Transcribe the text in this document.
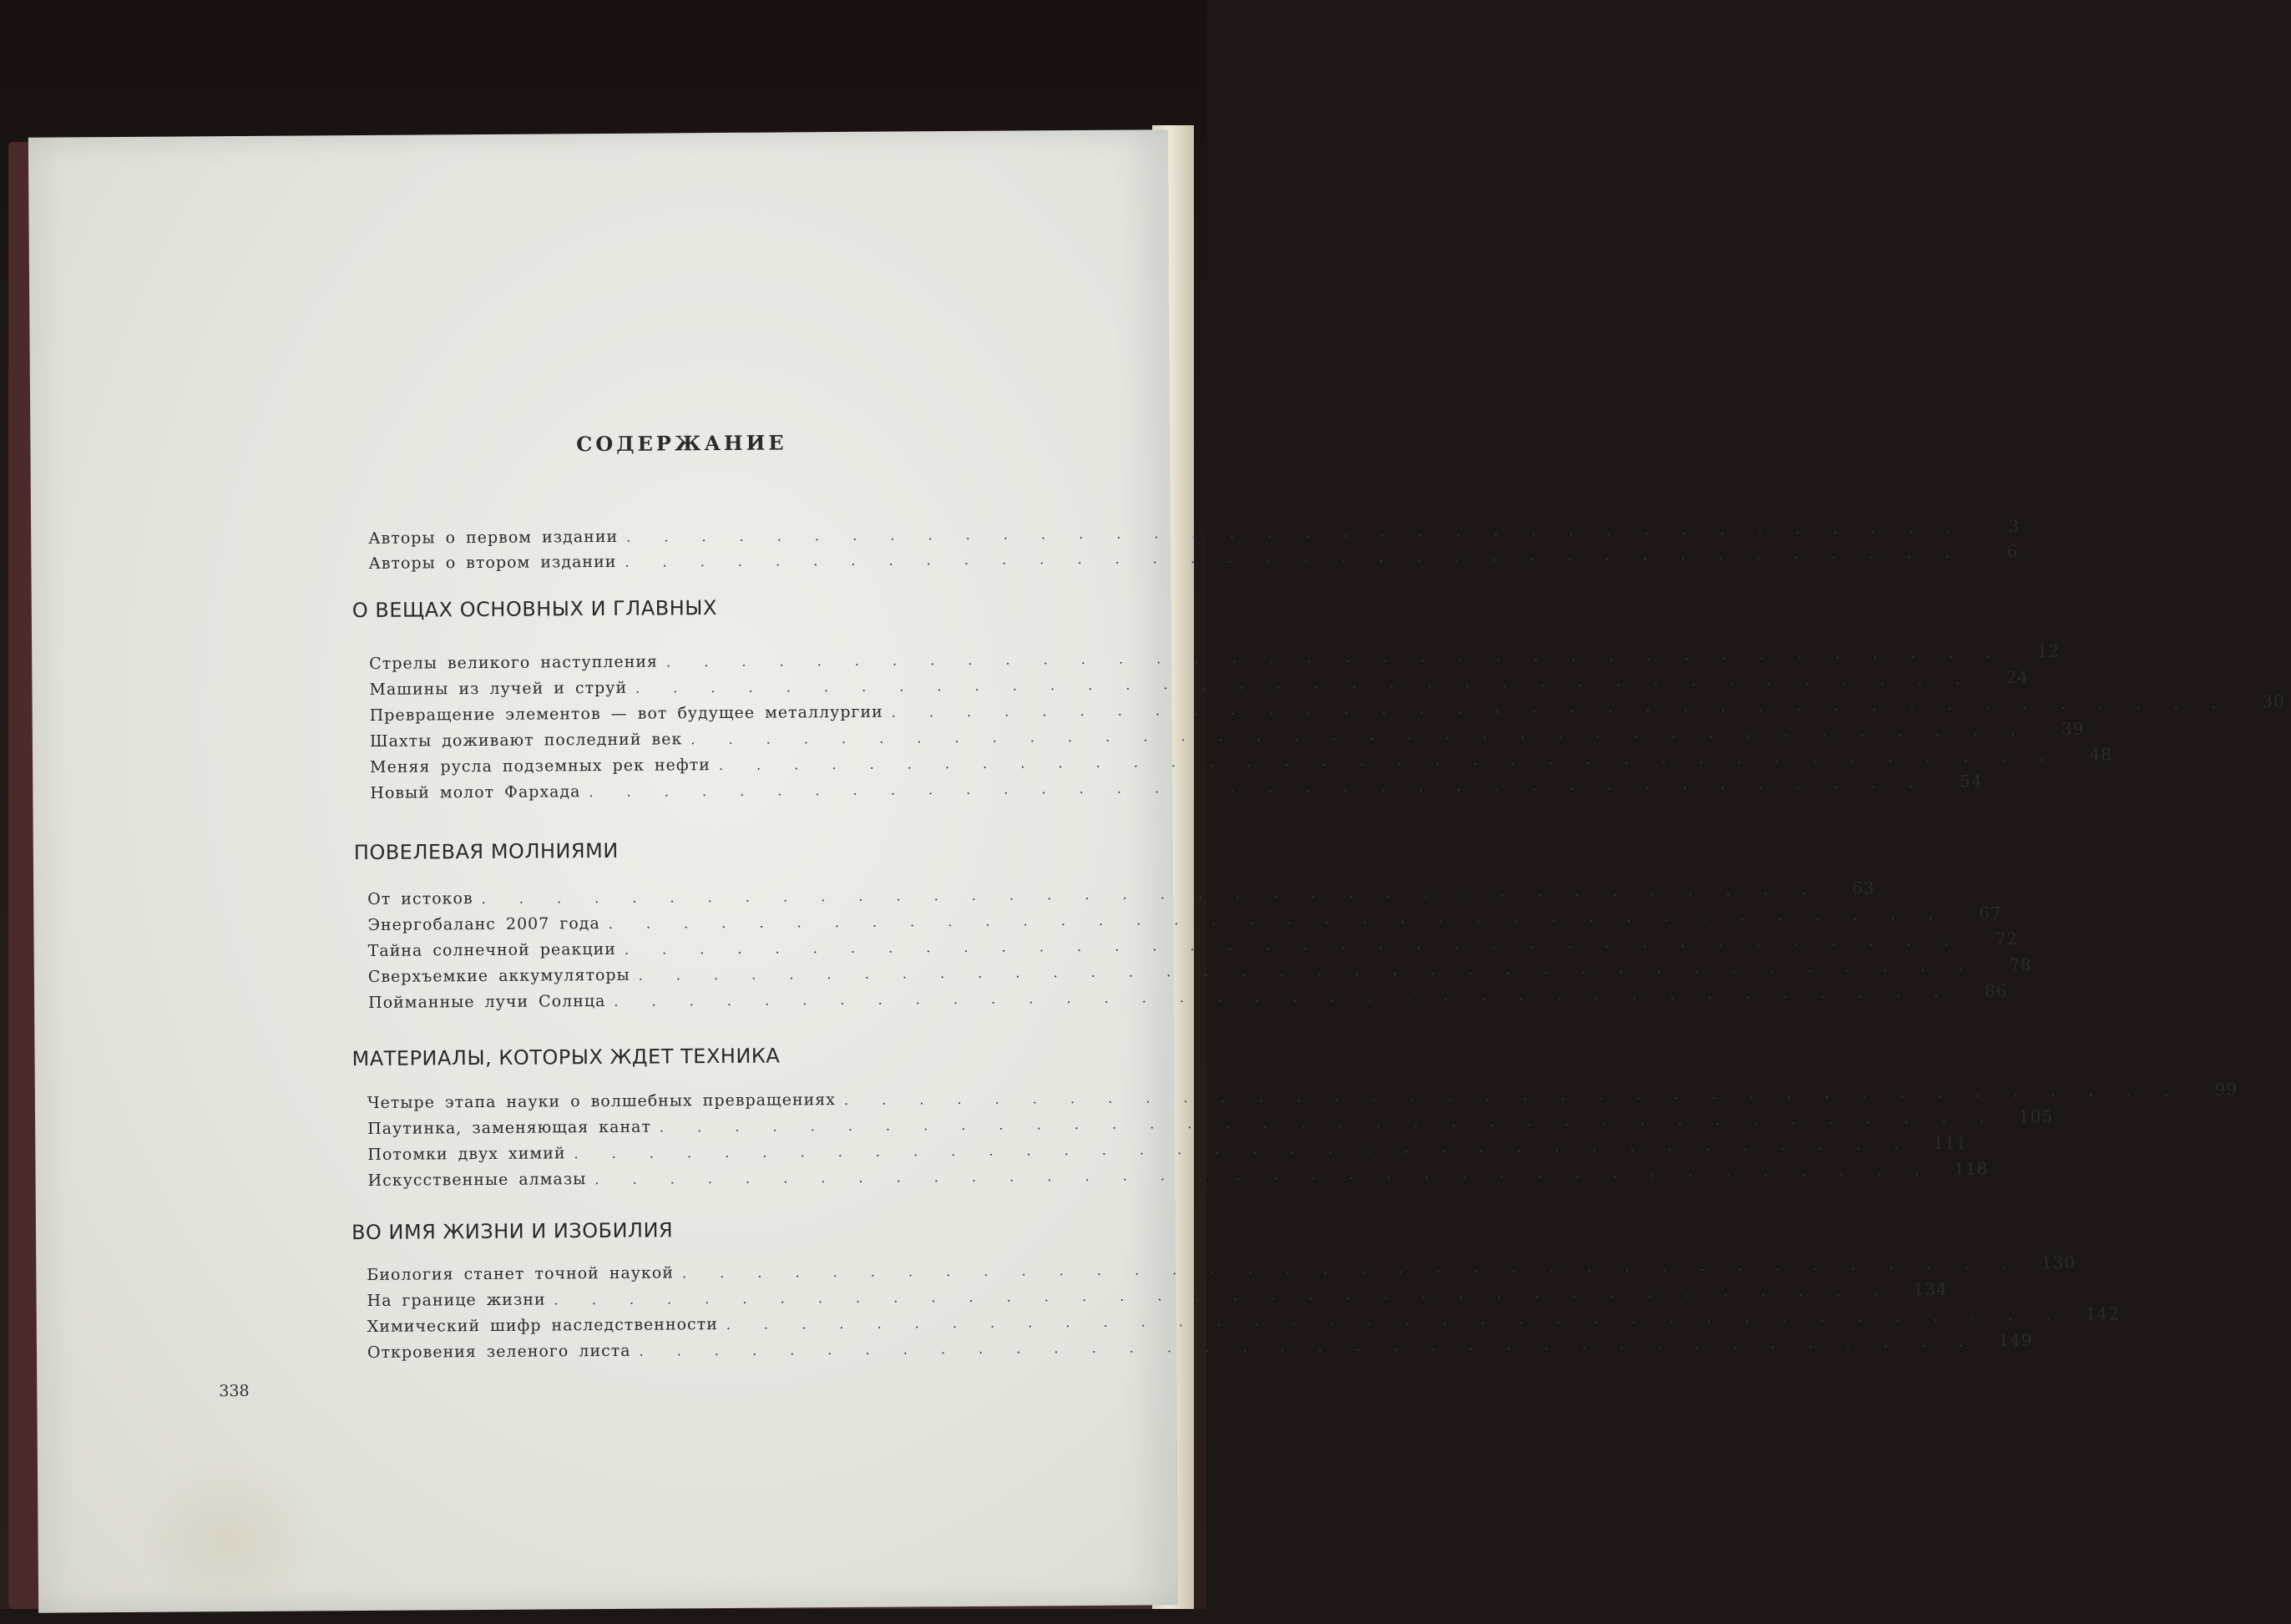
СОДЕРЖАНИЕ
Авторы о первом издании . . . . . . . . . . . . . . . . . . . . . . . . . . . . . . . . . . . .	3
Авторы о втором издании . . . . . . . . . . . . . . . . . . . . . . . . . . . . . . . . . . . .	6
О ВЕЩАХ ОСНОВНЫХ И ГЛАВНЫХ
Стрелы великого наступления . . . . . . . . . . . . . . . . . . . . . . . . . . . . . . . . . . . .	12
Машины из лучей и струй . . . . . . . . . . . . . . . . . . . . . . . . . . . . . . . . . . . .	24
Превращение элементов — вот будущее металлургии . . . . . . . . . . . . . . . . . . . . . . . . . . . . . . . . . . . .	30
Шахты доживают последний век . . . . . . . . . . . . . . . . . . . . . . . . . . . . . . . . . . . .	39
Меняя русла подземных рек нефти . . . . . . . . . . . . . . . . . . . . . . . . . . . . . . . . . . . .	48
Новый молот Фархада . . . . . . . . . . . . . . . . . . . . . . . . . . . . . . . . . . . .	54
ПОВЕЛЕВАЯ МОЛНИЯМИ
От истоков . . . . . . . . . . . . . . . . . . . . . . . . . . . . . . . . . . . .	63
Энергобаланс 2007 года . . . . . . . . . . . . . . . . . . . . . . . . . . . . . . . . . . . .	67
Тайна солнечной реакции . . . . . . . . . . . . . . . . . . . . . . . . . . . . . . . . . . . .	72
Сверхъемкие аккумуляторы . . . . . . . . . . . . . . . . . . . . . . . . . . . . . . . . . . . .	78
Пойманные лучи Солнца . . . . . . . . . . . . . . . . . . . . . . . . . . . . . . . . . . . .	86
МАТЕРИАЛЫ, КОТОРЫХ ЖДЕТ ТЕХНИКА
Четыре этапа науки о волшебных превращениях . . . . . . . . . . . . . . . . . . . . . . . . . . . . . . . . . . . .	99
Паутинка, заменяющая канат . . . . . . . . . . . . . . . . . . . . . . . . . . . . . . . . . . . .	105
Потомки двух химий . . . . . . . . . . . . . . . . . . . . . . . . . . . . . . . . . . . .	111
Искусственные алмазы . . . . . . . . . . . . . . . . . . . . . . . . . . . . . . . . . . . .	118
ВО ИМЯ ЖИЗНИ И ИЗОБИЛИЯ
Биология станет точной наукой . . . . . . . . . . . . . . . . . . . . . . . . . . . . . . . . . . . .	130
На границе жизни . . . . . . . . . . . . . . . . . . . . . . . . . . . . . . . . . . . .	134
Химический шифр наследственности . . . . . . . . . . . . . . . . . . . . . . . . . . . . . . . . . . . .	142
Откровения зеленого листа . . . . . . . . . . . . . . . . . . . . . . . . . . . . . . . . . . . .	149
338
